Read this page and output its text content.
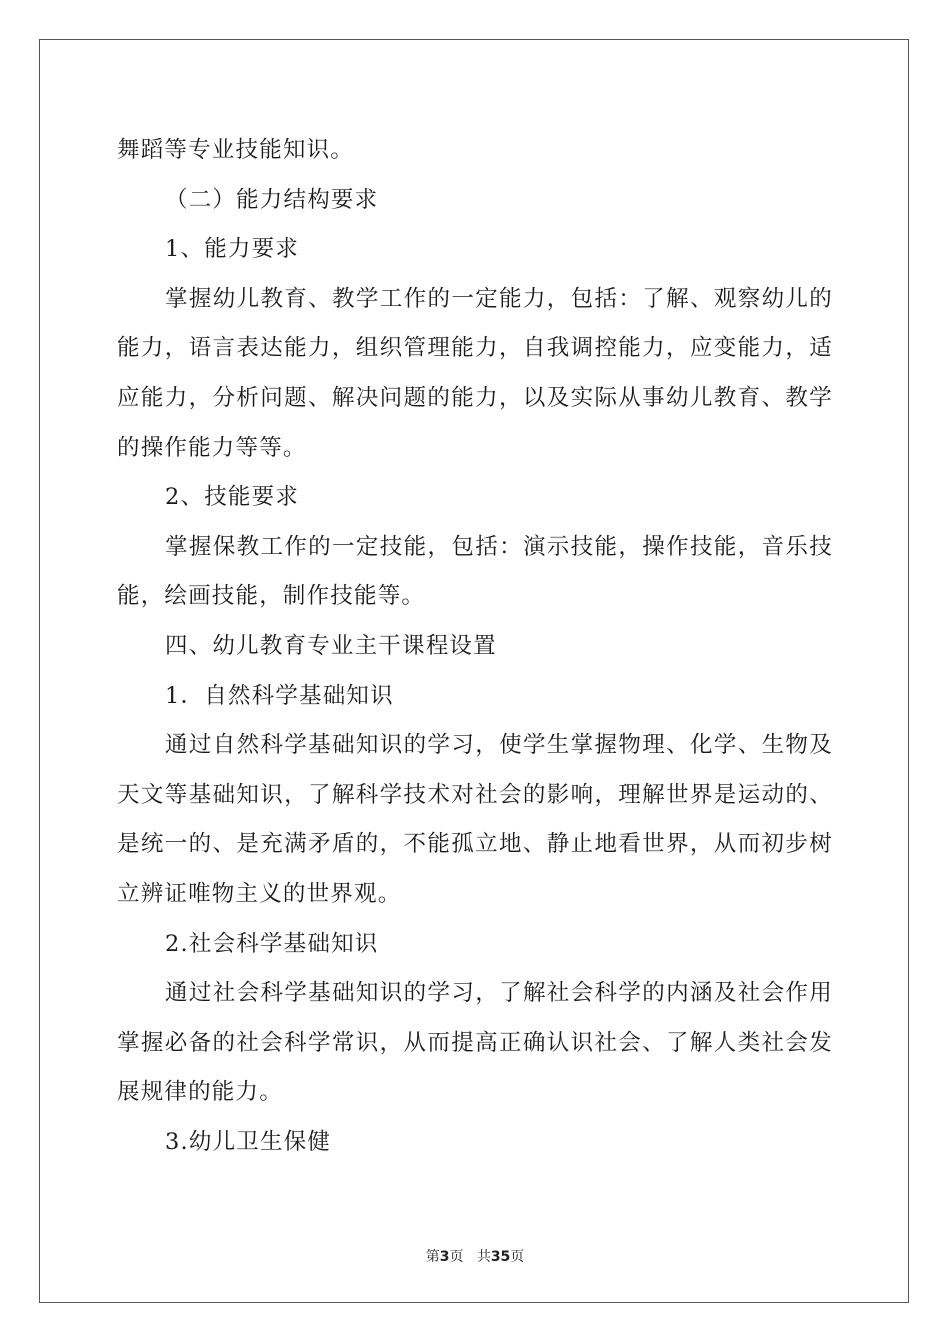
舞蹈等专业技能知识。

（二）能力结构要求

1、能力要求

掌握幼儿教育、教学工作的一定能力，包括：了解、观察幼儿的能力，语言表达能力，组织管理能力，自我调控能力，应变能力，适应能力，分析问题、解决问题的能力，以及实际从事幼儿教育、教学的操作能力等等。

2、技能要求

掌握保教工作的一定技能，包括：演示技能，操作技能，音乐技能，绘画技能，制作技能等。

四、幼儿教育专业主干课程设置

1．自然科学基础知识

通过自然科学基础知识的学习，使学生掌握物理、化学、生物及天文等基础知识，了解科学技术对社会的影响，理解世界是运动的、是统一的、是充满矛盾的，不能孤立地、静止地看世界，从而初步树立辨证唯物主义的世界观。

2.社会科学基础知识

通过社会科学基础知识的学习，了解社会科学的内涵及社会作用掌握必备的社会科学常识，从而提高正确认识社会、了解人类社会发展规律的能力。

3.幼儿卫生保健

第3页 共35页
